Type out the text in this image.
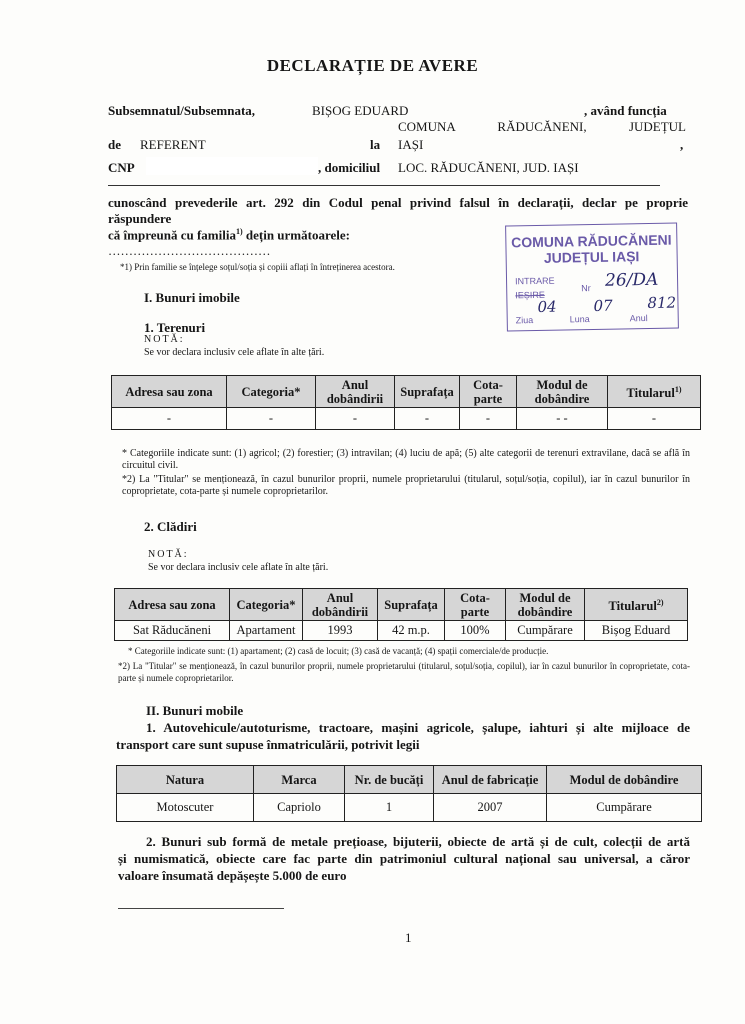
DECLARAȚIE DE AVERE
Subsemnatul/Subsemnata,	BIȘOG EDUARD	, având funcția
COMUNA RĂDUCĂNENI, JUDEȚUL
de REFERENT	la IAȘI	,
CNP	, domiciliul LOC. RĂDUCĂNENI, JUD. IAȘI
cunoscând prevederile art. 292 din Codul penal privind falsul în declarații, declar pe proprie
răspundere
că împreună cu familia$^{1)}$ dețin următoarele:
…………………………………
*1) Prin familie se înțelege soțul/soția și copiii aflați în întreținerea acestora.
COMUNA RĂDUCĂNENI
JUDEȚUL IAȘI
INTRARE
IEȘIRE
Nr 26/DA
04 07 812
Ziua	Luna	Anul
I. Bunuri imobile
1. Terenuri
NOTĂ:
Se vor declara inclusiv cele aflate în alte țări.
Adresa sau zona	Categoria*	Anul dobândirii	Suprafața	Cota-parte	Modul de dobândire	Titularul$^{1)}$
-	-	-	-	-	- -	-
* Categoriile indicate sunt: (1) agricol; (2) forestier; (3) intravilan; (4) luciu de apă; (5) alte categorii de terenuri extravilane, dacă se află în circuitul civil.
*2) La "Titular" se menționează, în cazul bunurilor proprii, numele proprietarului (titularul, soțul/soția, copilul), iar în cazul bunurilor în coproprietate, cota-parte și numele coproprietarilor.
2. Clădiri
NOTĂ:
Se vor declara inclusiv cele aflate în alte țări.
Adresa sau zona	Categoria*	Anul dobândirii	Suprafața	Cota-parte	Modul de dobândire	Titularul$^{2)}$
Sat Răducăneni	Apartament	1993	42 m.p.	100%	Cumpărare	Bișog Eduard
* Categoriile indicate sunt: (1) apartament; (2) casă de locuit; (3) casă de vacanță; (4) spații comerciale/de producție.
*2) La "Titular" se menționează, în cazul bunurilor proprii, numele proprietarului (titularul, soțul/soția, copilul), iar în cazul bunurilor în coproprietate, cota-parte și numele coproprietarilor.
II. Bunuri mobile
1. Autovehicule/autoturisme, tractoare, mașini agricole, șalupe, iahturi și alte mijloace de
transport care sunt supuse înmatriculării, potrivit legii
Natura	Marca	Nr. de bucăți	Anul de fabricație	Modul de dobândire
Motoscuter	Capriolo	1	2007	Cumpărare
2. Bunuri sub formă de metale prețioase, bijuterii, obiecte de artă și de cult, colecții de artă
și numismatică, obiecte care fac parte din patrimoniul cultural național sau universal, a căror
valoare însumată depășește 5.000 de euro
1
